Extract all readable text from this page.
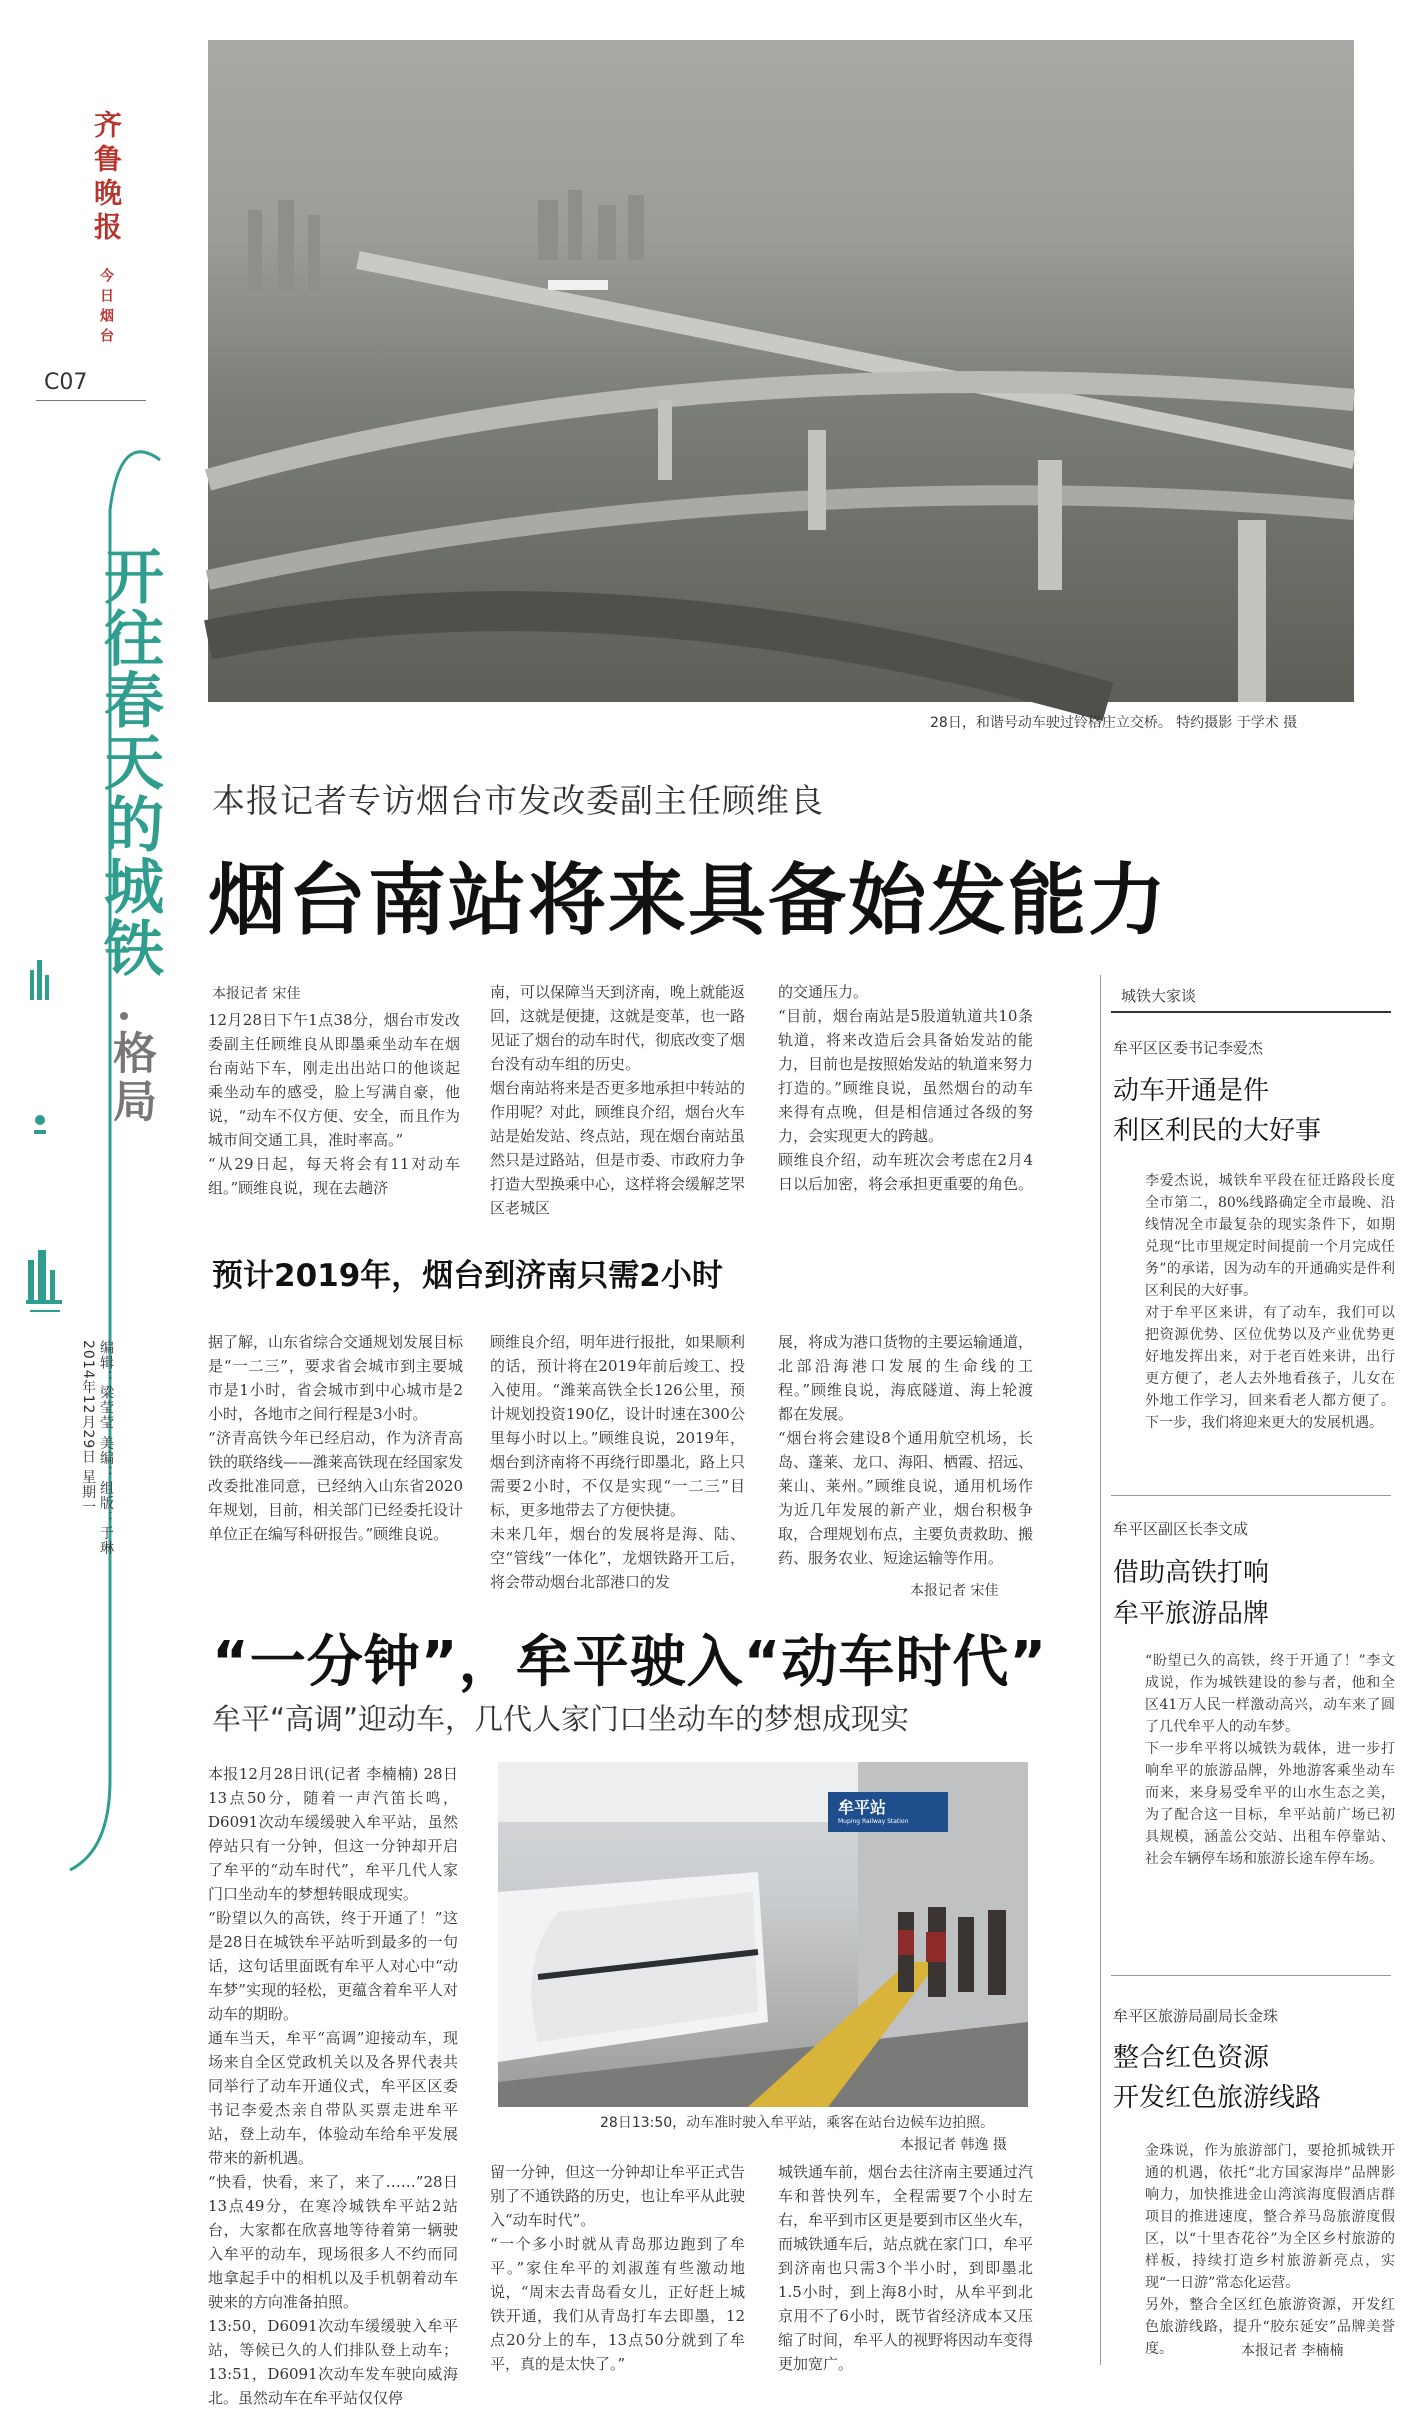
齐鲁晚报
今日烟台
C07
开往春天的城铁
格局
2014年12月29日 星期一 编辑：梁莹莹 美编：组版：于琳
28日，和谐号动车驶过铃格庄立交桥。 特约摄影 于学术 摄
本报记者专访烟台市发改委副主任顾维良
烟台南站将来具备始发能力
本报记者 宋佳
12月28日下午1点38分，烟台市发改委副主任顾维良从即墨乘坐动车在烟台南站下车，刚走出出站口的他谈起乘坐动车的感受，脸上写满自豪，他说，“动车不仅方便、安全，而且作为城市间交通工具，准时率高。”
“从29日起，每天将会有11对动车组。”顾维良说，现在去趟济
南，可以保障当天到济南，晚上就能返回，这就是便捷，这就是变革，也一路见证了烟台的动车时代，彻底改变了烟台没有动车组的历史。
烟台南站将来是否更多地承担中转站的作用呢？对此，顾维良介绍，烟台火车站是始发站、终点站，现在烟台南站虽然只是过路站，但是市委、市政府力争打造大型换乘中心，这样将会缓解芝罘区老城区
的交通压力。
“目前，烟台南站是5股道轨道共10条轨道，将来改造后会具备始发站的能力，目前也是按照始发站的轨道来努力打造的。”顾维良说，虽然烟台的动车来得有点晚，但是相信通过各级的努力，会实现更大的跨越。
顾维良介绍，动车班次会考虑在2月4日以后加密，将会承担更重要的角色。
预计2019年，烟台到济南只需2小时
据了解，山东省综合交通规划发展目标是“一二三”，要求省会城市到主要城市是1小时，省会城市到中心城市是2小时，各地市之间行程是3小时。
“济青高铁今年已经启动，作为济青高铁的联络线——潍莱高铁现在经国家发改委批准同意，已经纳入山东省2020年规划，目前，相关部门已经委托设计单位正在编写科研报告。”顾维良说。
顾维良介绍，明年进行报批，如果顺利的话，预计将在2019年前后竣工、投入使用。“潍莱高铁全长126公里，预计规划投资190亿，设计时速在300公里每小时以上。”顾维良说，2019年，烟台到济南将不再绕行即墨北，路上只需要2小时，不仅是实现“一二三”目标，更多地带去了方便快捷。
未来几年，烟台的发展将是海、陆、空“管线”一体化”，龙烟铁路开工后，将会带动烟台北部港口的发
展，将成为港口货物的主要运输通道，北部沿海港口发展的生命线的工程。”顾维良说，海底隧道、海上轮渡都在发展。
“烟台将会建设8个通用航空机场，长岛、蓬莱、龙口、海阳、栖霞、招远、莱山、莱州。”顾维良说，通用机场作为近几年发展的新产业，烟台积极争取，合理规划布点，主要负责救助、搬药、服务农业、短途运输等作用。
本报记者 宋佳
“一分钟”，牟平驶入“动车时代”
牟平“高调”迎动车，几代人家门口坐动车的梦想成现实
本报12月28日讯(记者 李楠楠) 28日13点50分，随着一声汽笛长鸣，D6091次动车缓缓驶入牟平站，虽然停站只有一分钟，但这一分钟却开启了牟平的“动车时代”，牟平几代人家门口坐动车的梦想转眼成现实。
“盼望以久的高铁，终于开通了！”这是28日在城铁牟平站听到最多的一句话，这句话里面既有牟平人对心中“动车梦”实现的轻松，更蕴含着牟平人对动车的期盼。
通车当天，牟平“高调”迎接动车，现场来自全区党政机关以及各界代表共同举行了动车开通仪式，牟平区区委书记李爱杰亲自带队买票走进牟平站，登上动车，体验动车给牟平发展带来的新机遇。
“快看，快看，来了，来了……”28日13点49分，在寒冷城铁牟平站2站台，大家都在欣喜地等待着第一辆驶入牟平的动车，现场很多人不约而同地拿起手中的相机以及手机朝着动车驶来的方向准备拍照。
13:50，D6091次动车缓缓驶入牟平站，等候已久的人们排队登上动车；13:51，D6091次动车发车驶向威海北。虽然动车在牟平站仅仅停
牟平站
Muping Railway Station
28日13:50，动车准时驶入牟平站，乘客在站台边候车边拍照。
本报记者 韩逸 摄
留一分钟，但这一分钟却让牟平正式告别了不通铁路的历史，也让牟平从此驶入“动车时代”。
“一个多小时就从青岛那边跑到了牟平。”家住牟平的刘淑莲有些激动地说，“周末去青岛看女儿，正好赶上城铁开通，我们从青岛打车去即墨，12点20分上的车，13点50分就到了牟平，真的是太快了。”
城铁通车前，烟台去往济南主要通过汽车和普快列车，全程需要7个小时左右，牟平到市区更是要到市区坐火车，而城铁通车后，站点就在家门口，牟平到济南也只需3个半小时，到即墨北1.5小时，到上海8小时，从牟平到北京用不了6小时，既节省经济成本又压缩了时间，牟平人的视野将因动车变得更加宽广。
城铁大家谈
牟平区区委书记李爱杰
动车开通是件
利区利民的大好事
李爱杰说，城铁牟平段在征迁路段长度全市第二，80%线路确定全市最晚、沿线情况全市最复杂的现实条件下，如期兑现“比市里规定时间提前一个月完成任务”的承诺，因为动车的开通确实是件利区利民的大好事。
对于牟平区来讲，有了动车，我们可以把资源优势、区位优势以及产业优势更好地发挥出来，对于老百姓来讲，出行更方便了，老人去外地看孩子，儿女在外地工作学习，回来看老人都方便了。下一步，我们将迎来更大的发展机遇。
牟平区副区长李文成
借助高铁打响
牟平旅游品牌
“盼望已久的高铁，终于开通了！”李文成说，作为城铁建设的参与者，他和全区41万人民一样激动高兴，动车来了圆了几代牟平人的动车梦。
下一步牟平将以城铁为载体，进一步打响牟平的旅游品牌，外地游客乘坐动车而来，来身易受牟平的山水生态之美，为了配合这一目标，牟平站前广场已初具规模，涵盖公交站、出租车停靠站、社会车辆停车场和旅游长途车停车场。
牟平区旅游局副局长金珠
整合红色资源
开发红色旅游线路
金珠说，作为旅游部门，要抢抓城铁开通的机遇，依托“北方国家海岸”品牌影响力，加快推进金山湾滨海度假酒店群项目的推进速度，整合养马岛旅游度假区，以“十里杏花谷”为全区乡村旅游的样板，持续打造乡村旅游新亮点，实现“一日游”常态化运营。
另外，整合全区红色旅游资源，开发红色旅游线路，提升“胶东延安”品牌美誉度。	本报记者 李楠楠
